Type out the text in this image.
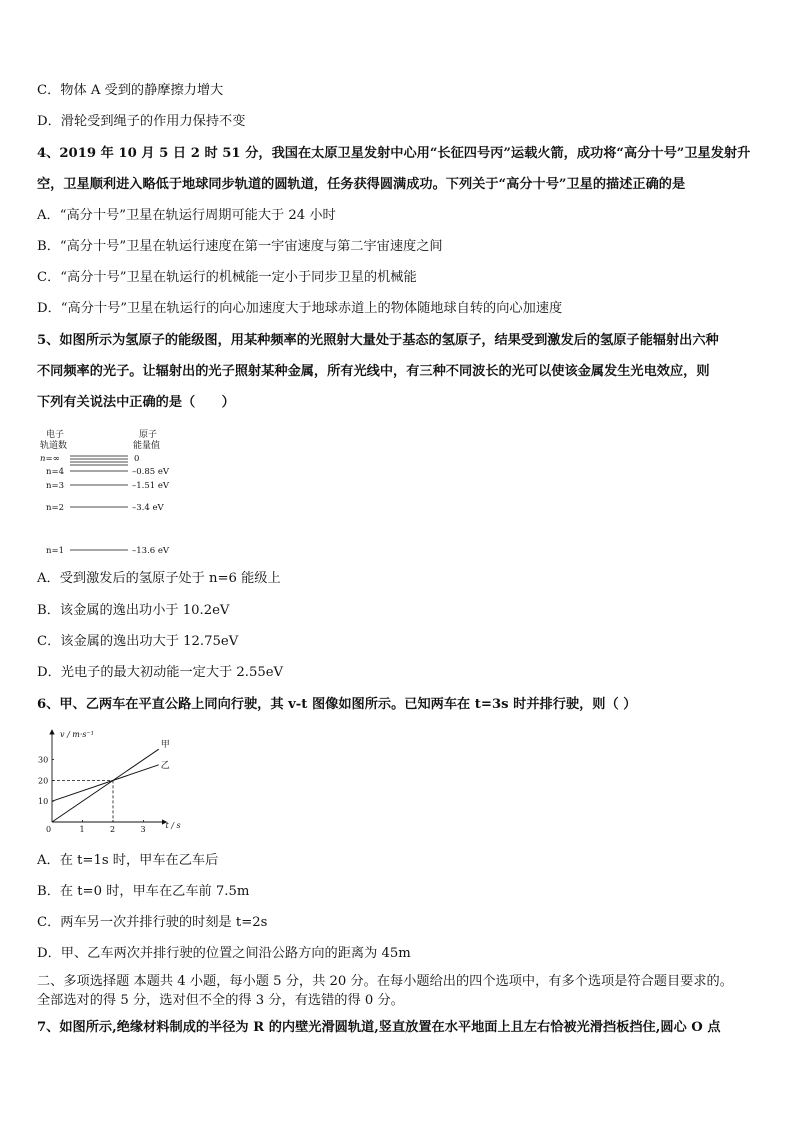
C．物体 A 受到的静摩擦力增大
D．滑轮受到绳子的作用力保持不变
4、2019 年 10 月 5 日 2 时 51 分，我国在太原卫星发射中心用“长征四号丙”运载火箭，成功将“高分十号”卫星发射升
空，卫星顺利进入略低于地球同步轨道的圆轨道，任务获得圆满成功。下列关于“高分十号”卫星的描述正确的是
A．“高分十号”卫星在轨运行周期可能大于 24 小时
B．“高分十号”卫星在轨运行速度在第一宇宙速度与第二宇宙速度之间
C．“高分十号”卫星在轨运行的机械能一定小于同步卫星的机械能
D．“高分十号”卫星在轨运行的向心加速度大于地球赤道上的物体随地球自转的向心加速度
5、如图所示为氢原子的能级图，用某种频率的光照射大量处于基态的氢原子，结果受到激发后的氢原子能辐射出六种
不同频率的光子。让辐射出的光子照射某种金属，所有光线中，有三种不同波长的光可以使该金属发生光电效应，则
下列有关说法中正确的是（　　）
电子
轨道数
原子
能量值
n=∞	0
n=4	–0.85 eV
n=3	–1.51 eV
n=2	–3.4 eV
n=1	–13.6 eV
A．受到激发后的氢原子处于 n=6 能级上
B．该金属的逸出功小于 10.2eV
C．该金属的逸出功大于 12.75eV
D．光电子的最大初动能一定大于 2.55eV
6、甲、乙两车在平直公路上同向行驶，其 v-t 图像如图所示。已知两车在 t=3s 时并排行驶，则（ ）
v / m·s⁻¹
t / s
0	1	2	3
10
20
30
甲
乙
A．在 t=1s 时，甲车在乙车后
B．在 t=0 时，甲车在乙车前 7.5m
C．两车另一次并排行驶的时刻是 t=2s
D．甲、乙车两次并排行驶的位置之间沿公路方向的距离为 45m
二、多项选择题 本题共 4 小题，每小题 5 分，共 20 分。在每小题给出的四个选项中，有多个选项是符合题目要求的。
全部选对的得 5 分，选对但不全的得 3 分，有选错的得 0 分。
7、如图所示,绝缘材料制成的半径为 R 的内壁光滑圆轨道,竖直放置在水平地面上且左右恰被光滑挡板挡住,圆心 O 点
